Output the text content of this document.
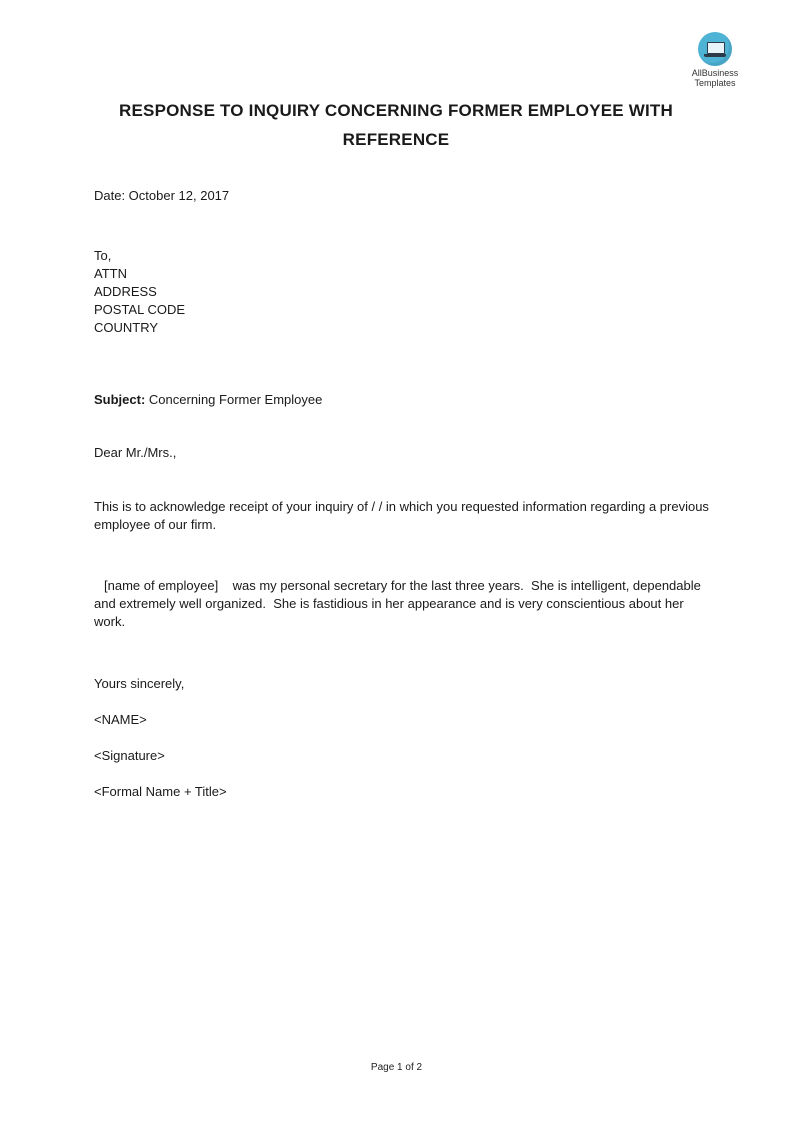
AllBusiness
Templates
RESPONSE TO INQUIRY CONCERNING FORMER EMPLOYEE WITH REFERENCE
Date: October 12, 2017
To,
ATTN
ADDRESS
POSTAL CODE
COUNTRY
Subject: Concerning Former Employee
Dear Mr./Mrs.,
This is to acknowledge receipt of your inquiry of / / in which you requested information regarding a previous employee of our firm.
[name of employee]    was my personal secretary for the last three years.  She is intelligent, dependable and extremely well organized.  She is fastidious in her appearance and is very conscientious about her work.
Yours sincerely,
<NAME>
<Signature>
<Formal Name + Title>
Page 1 of 2
